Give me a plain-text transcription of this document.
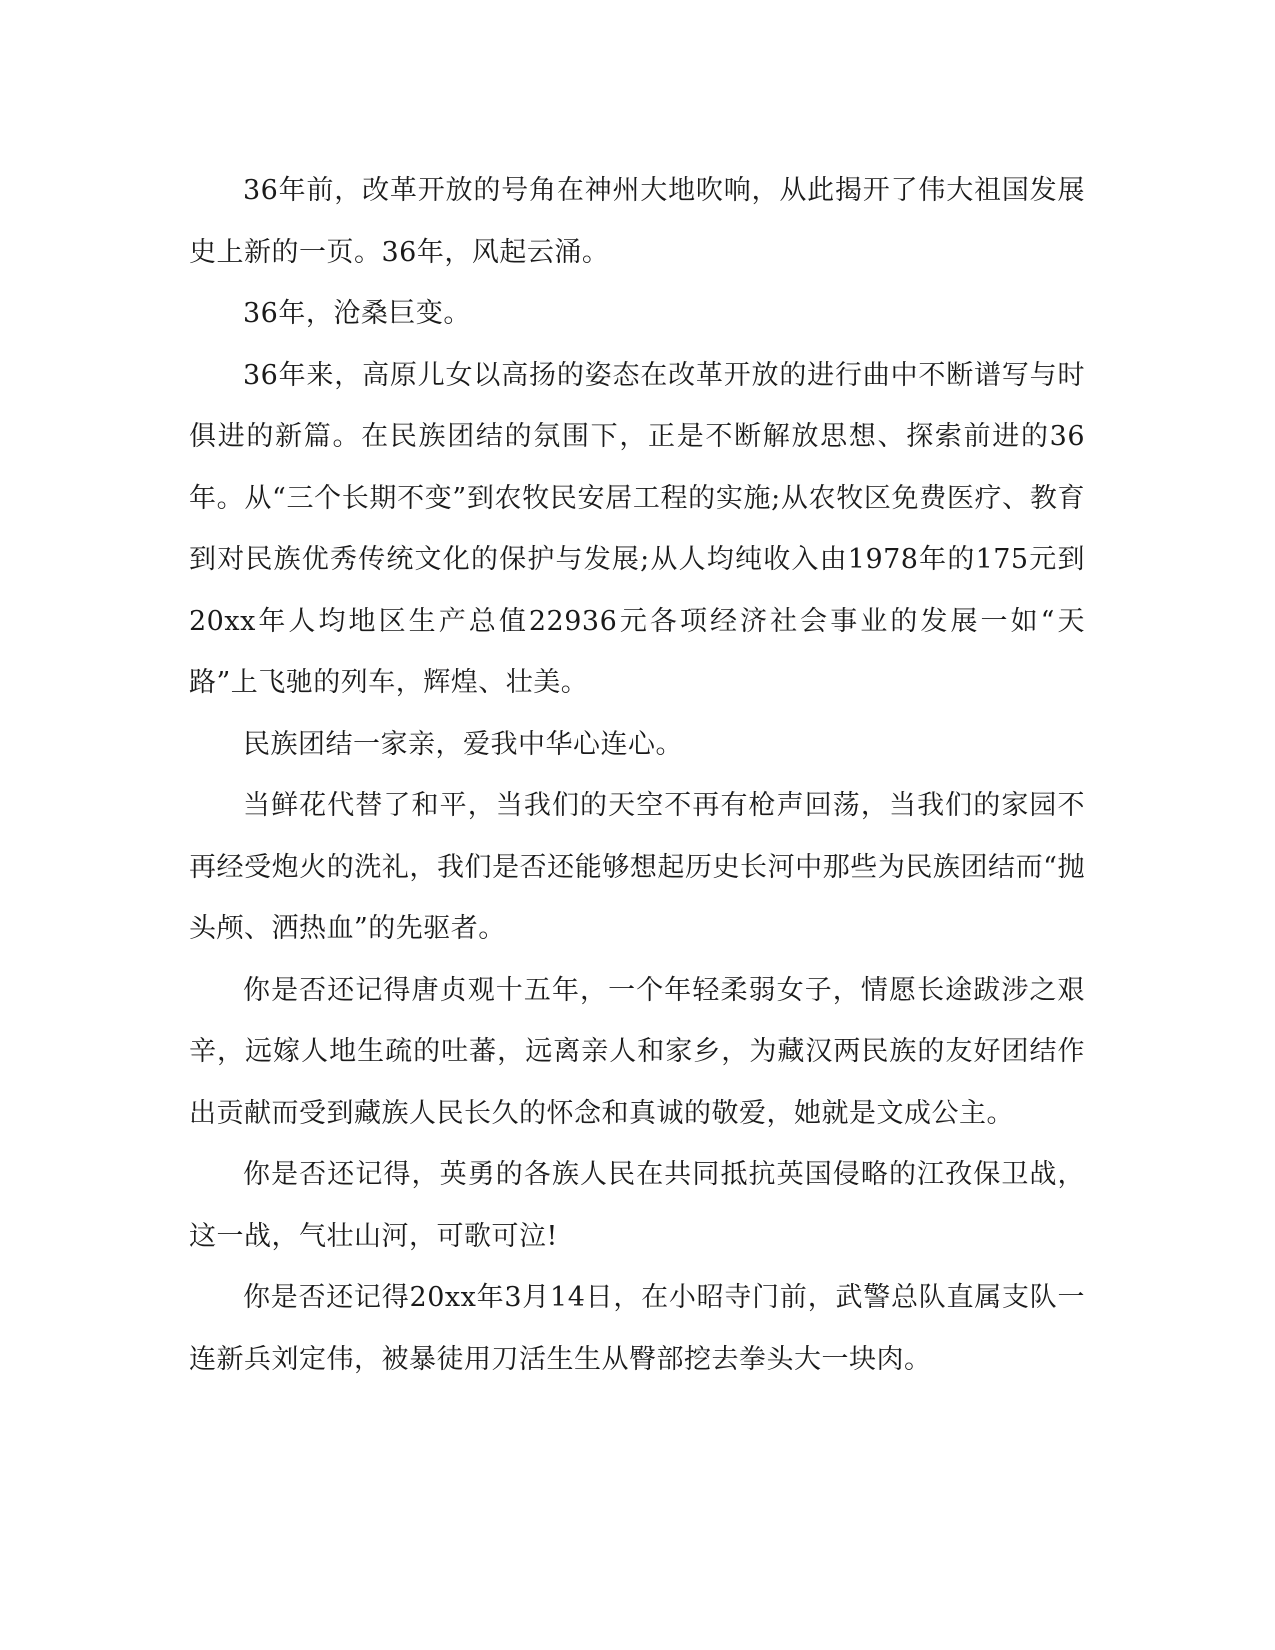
36年前，改革开放的号角在神州大地吹响，从此揭开了伟大祖国发展史上新的一页。36年，风起云涌。

36年，沧桑巨变。

36年来，高原儿女以高扬的姿态在改革开放的进行曲中不断谱写与时俱进的新篇。在民族团结的氛围下，正是不断解放思想、探索前进的36年。从“三个长期不变”到农牧民安居工程的实施;从农牧区免费医疗、教育到对民族优秀传统文化的保护与发展;从人均纯收入由1978年的175元到20xx年人均地区生产总值22936元各项经济社会事业的发展一如“天路”上飞驰的列车，辉煌、壮美。

民族团结一家亲，爱我中华心连心。

当鲜花代替了和平，当我们的天空不再有枪声回荡，当我们的家园不再经受炮火的洗礼，我们是否还能够想起历史长河中那些为民族团结而“抛头颅、洒热血”的先驱者。

你是否还记得唐贞观十五年，一个年轻柔弱女子，情愿长途跋涉之艰辛，远嫁人地生疏的吐蕃，远离亲人和家乡，为藏汉两民族的友好团结作出贡献而受到藏族人民长久的怀念和真诚的敬爱，她就是文成公主。

你是否还记得，英勇的各族人民在共同抵抗英国侵略的江孜保卫战，这一战，气壮山河，可歌可泣!

你是否还记得20xx年3月14日，在小昭寺门前，武警总队直属支队一连新兵刘定伟，被暴徒用刀活生生从臀部挖去拳头大一块肉。
